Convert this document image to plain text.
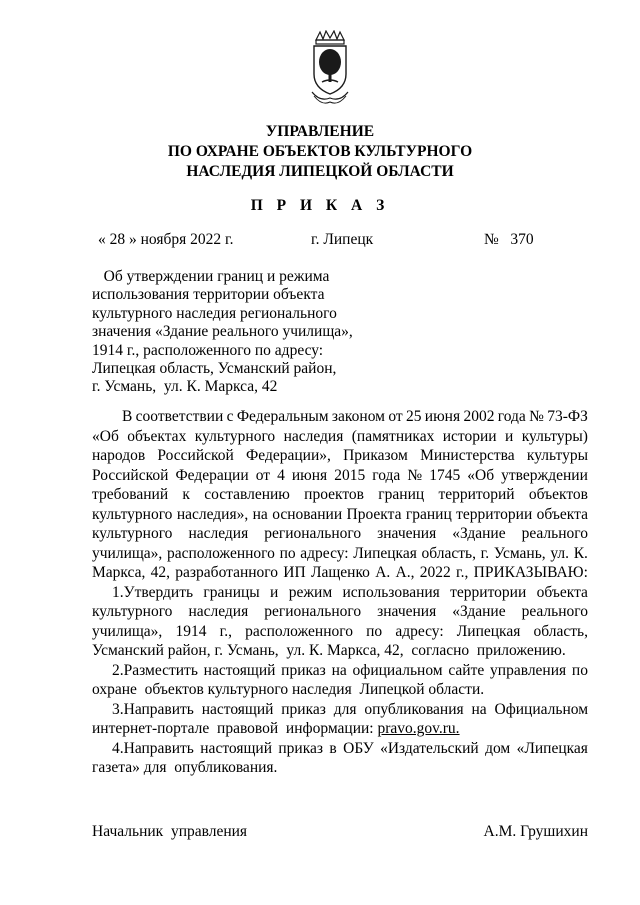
УПРАВЛЕНИЕ
ПО ОХРАНЕ ОБЪЕКТОВ КУЛЬТУРНОГО
НАСЛЕДИЯ ЛИПЕЦКОЙ ОБЛАСТИ
П Р И К А З
« 28 » ноября 2022 г.	г. Липецк	№ 370
Об утверждении границ и режима
использования территории объекта
культурного наследия регионального
значения «Здание реального училища»,
1914 г., расположенного по адресу:
Липецкая область, Усманский район,
г. Усмань,  ул. К. Маркса, 42
В соответствии с Федеральным законом от 25 июня 2002 года № 73-ФЗ
«Об объектах культурного наследия (памятниках истории и культуры)
народов Российской Федерации», Приказом Министерства культуры
Российской Федерации от 4 июня 2015 года № 1745 «Об утверждении
требований к составлению проектов границ территорий объектов
культурного наследия», на основании Проекта границ территории объекта
культурного наследия регионального значения «Здание реального
училища», расположенного по адресу: Липецкая область, г. Усмань, ул. К.
Маркса, 42, разработанного ИП Лащенко А. А., 2022 г., ПРИКАЗЫВАЮ:
1.Утвердить границы и режим использования территории объекта
культурного наследия регионального значения «Здание реального
училища», 1914 г., расположенного по адресу: Липецкая область,
Усманский район, г. Усмань,  ул. К. Маркса, 42,  согласно  приложению.
2.Разместить настоящий приказ на официальном сайте управления по
охране  объектов культурного наследия  Липецкой области.
3.Направить настоящий приказ для опубликования на Официальном
интернет-портале  правовой  информации:
pravo.gov.ru.
4.Направить настоящий приказ в ОБУ «Издательский дом «Липецкая
газета» для  опубликования.
Начальник  управления	А.М. Грушихин
